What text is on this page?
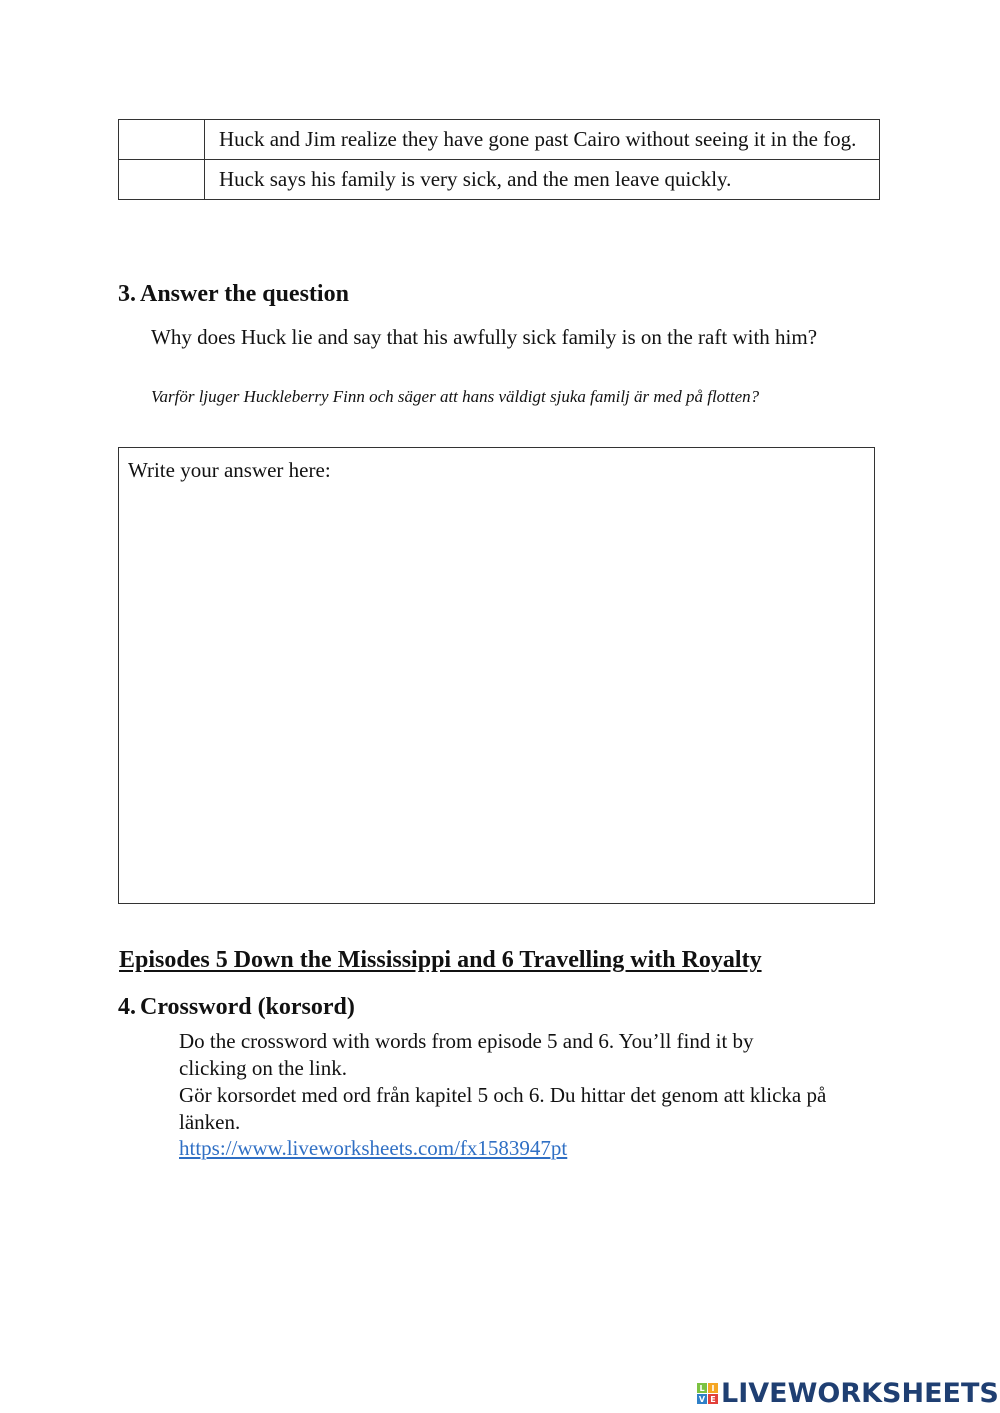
	Huck and Jim realize they have gone past Cairo without seeing it in the fog.
	Huck says his family is very sick, and the men leave quickly.
3. Answer the question
Why does Huck lie and say that his awfully sick family is on the raft with him?
Varför ljuger Huckleberry Finn och säger att hans väldigt sjuka familj är med på flotten?
Write your answer here:
Episodes 5 Down the Mississippi and 6 Travelling with Royalty
4. Crossword (korsord)
Do the crossword with words from episode 5 and 6. You’ll find it by clicking on the link.
Gör korsordet med ord från kapitel 5 och 6. Du hittar det genom att klicka på länken.
https://www.liveworksheets.com/fx1583947pt
L I
V E LIVEWORKSHEETS
